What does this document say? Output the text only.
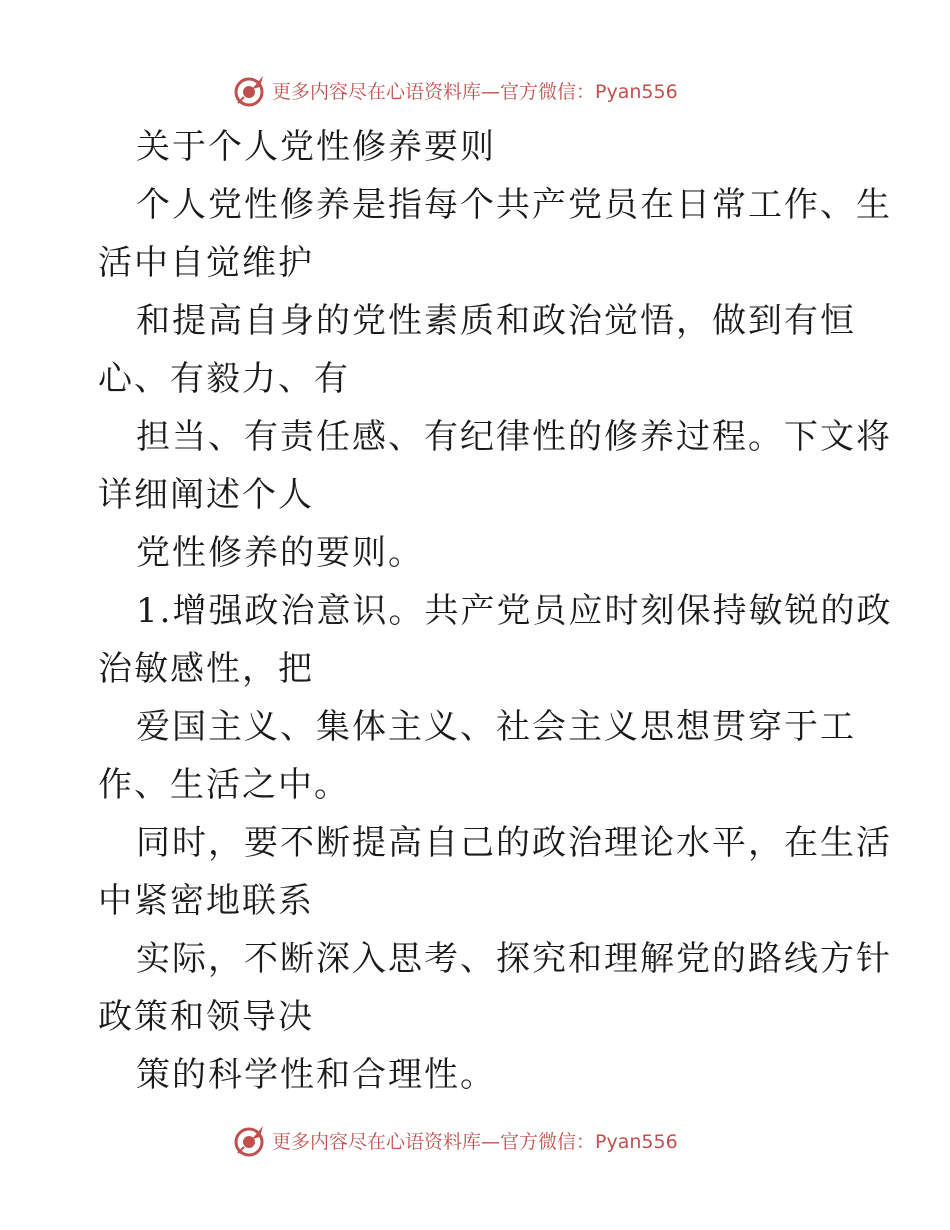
更多内容尽在心语资料库—官方微信：Pyan556
关于个人党性修养要则
个人党性修养是指每个共产党员在日常工作、生
活中自觉维护
和提高自身的党性素质和政治觉悟，做到有恒
心、有毅力、有
担当、有责任感、有纪律性的修养过程。下文将
详细阐述个人
党性修养的要则。
1.增强政治意识。共产党员应时刻保持敏锐的政
治敏感性，把
爱国主义、集体主义、社会主义思想贯穿于工
作、生活之中。
同时，要不断提高自己的政治理论水平，在生活
中紧密地联系
实际，不断深入思考、探究和理解党的路线方针
政策和领导决
策的科学性和合理性。
更多内容尽在心语资料库—官方微信：Pyan556
